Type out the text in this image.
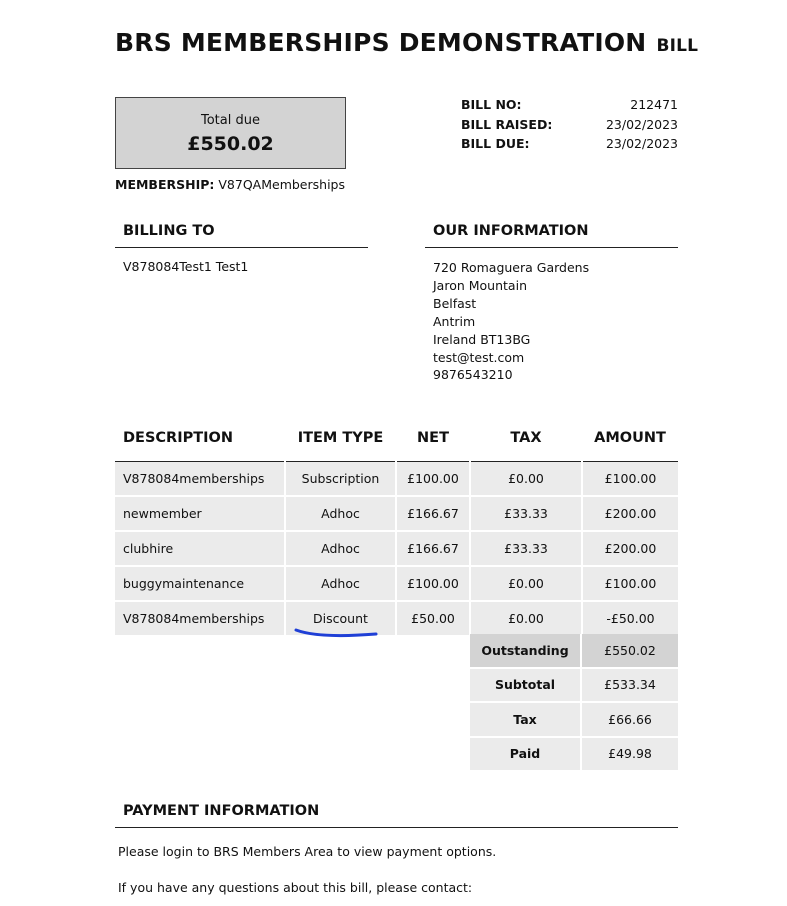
BRS MEMBERSHIPS DEMONSTRATION BILL
Total due
£550.02
BILL NO:	212471
BILL RAISED:	23/02/2023
BILL DUE:	23/02/2023
MEMBERSHIP: V87QAMemberships
BILLING TO
V878084Test1 Test1
OUR INFORMATION
720 Romaguera Gardens
Jaron Mountain
Belfast
Antrim
Ireland BT13BG
test@test.com
9876543210
DESCRIPTION	ITEM TYPE	NET	TAX	AMOUNT
V878084memberships	Subscription	£100.00	£0.00	£100.00
newmember	Adhoc	£166.67	£33.33	£200.00
clubhire	Adhoc	£166.67	£33.33	£200.00
buggymaintenance	Adhoc	£100.00	£0.00	£100.00
V878084memberships	Discount	£50.00	£0.00	-£50.00
Outstanding	£550.02
Subtotal	£533.34
Tax	£66.66
Paid	£49.98
PAYMENT INFORMATION
Please login to BRS Members Area to view payment options.
If you have any questions about this bill, please contact:
